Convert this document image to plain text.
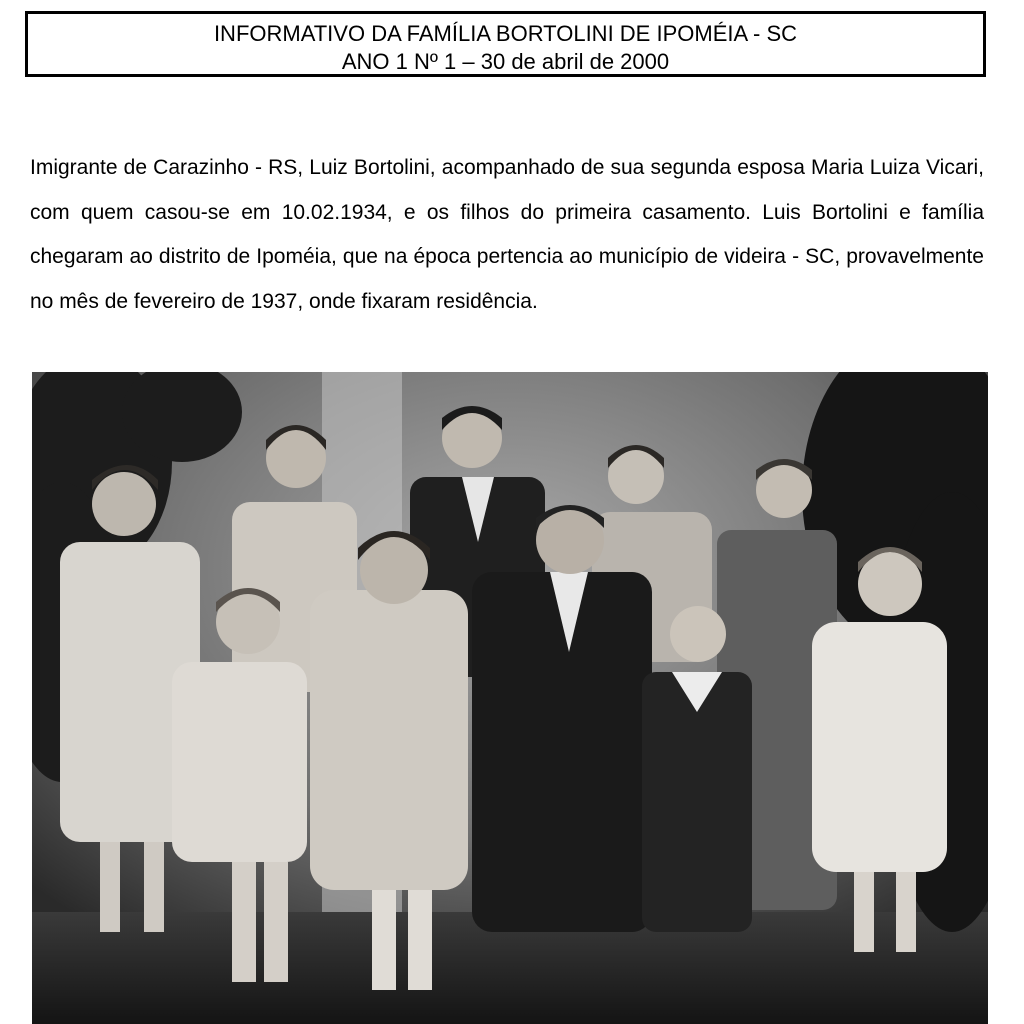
INFORMATIVO DA FAMÍLIA BORTOLINI DE IPOMÉIA - SC
ANO 1 Nº 1 – 30 de abril de 2000

Imigrante de Carazinho - RS, Luiz Bortolini, acompanhado de sua segunda esposa Maria Luiza Vicari, com quem casou-se em 10.02.1934, e os filhos do primeira casamento. Luis Bortolini e família chegaram ao distrito de Ipoméia, que na época pertencia ao município de videira - SC, provavelmente no mês de fevereiro de 1937, onde fixaram residência.
